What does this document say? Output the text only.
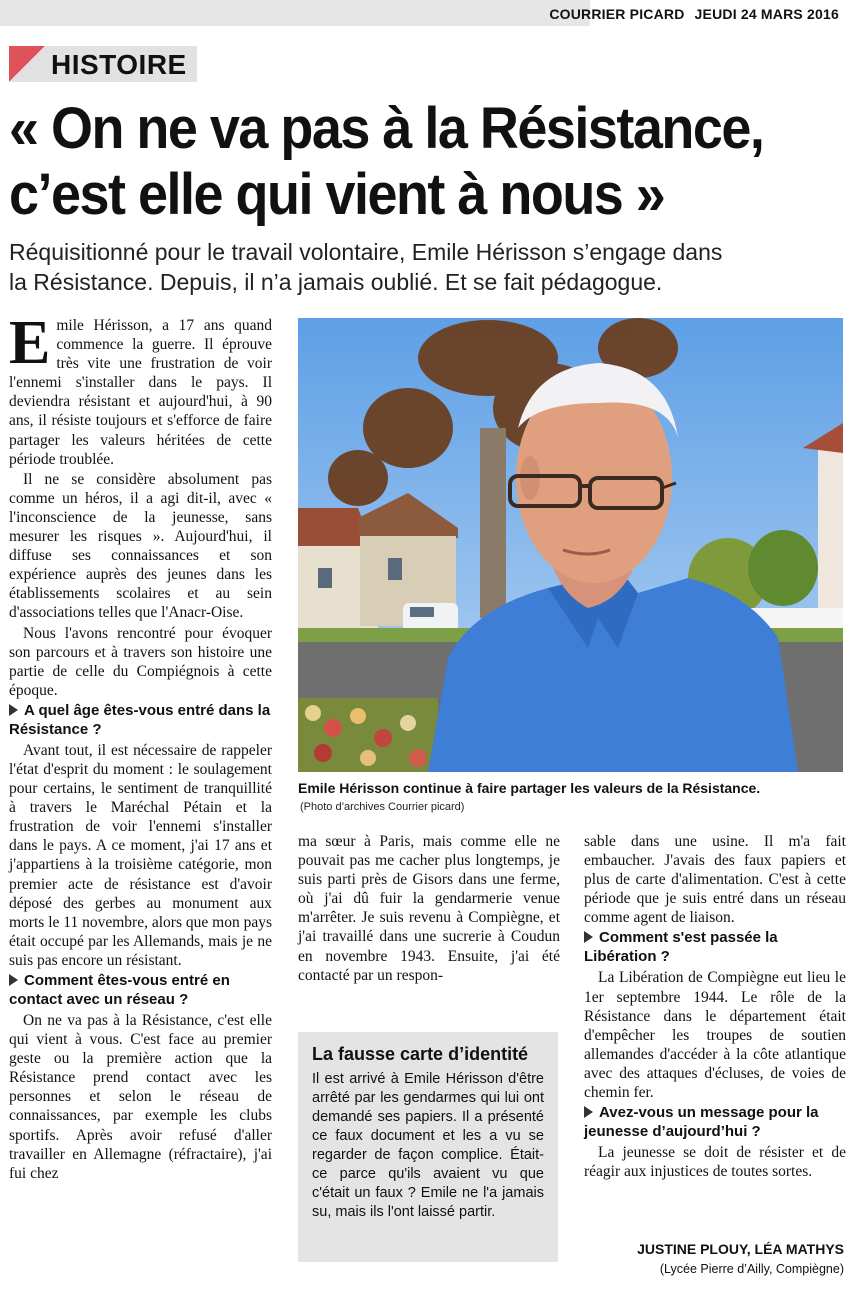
COURRIER PICARD JEUDI 24 MARS 2016
HISTOIRE
« On ne va pas à la Résistance,
c’est elle qui vient à nous »
Réquisitionné pour le travail volontaire, Emile Hérisson s’engage dans
la Résistance. Depuis, il n’a jamais oublié. Et se fait pédagogue.

Emile Hérisson, a 17 ans quand commence la guerre. Il éprouve très vite une frustration de voir l'ennemi s'installer dans le pays. Il deviendra résistant et aujourd'hui, à 90 ans, il résiste toujours et s'efforce de faire partager les valeurs héritées de cette période troublée.

Il ne se considère absolument pas comme un héros, il a agi dit-il, avec « l'inconscience de la jeunesse, sans mesurer les risques ». Aujourd'hui, il diffuse ses connaissances et son expérience auprès des jeunes dans les établissements scolaires et au sein d'associations telles que l'Anacr-Oise.

Nous l'avons rencontré pour évoquer son parcours et à travers son histoire une partie de celle du Compiégnois à cette époque.

A quel âge êtes-vous entré dans la Résistance ?

Avant tout, il est nécessaire de rappeler l'état d'esprit du moment : le soulagement pour certains, le sentiment de tranquillité à travers le Maréchal Pétain et la frustration de voir l'ennemi s'installer dans le pays. A ce moment, j'ai 17 ans et j'appartiens à la troisième catégorie, mon premier acte de résistance est d'avoir déposé des gerbes au monument aux morts le 11 novembre, alors que mon pays était occupé par les Allemands, mais je ne suis pas encore un résistant.

Comment êtes-vous entré en contact avec un réseau ?

On ne va pas à la Résistance, c'est elle qui vient à vous. C'est face au premier geste ou la première action que la Résistance prend contact avec les personnes et selon le réseau de connaissances, par exemple les clubs sportifs. Après avoir refusé d'aller travailler en Allemagne (réfractaire), j'ai fui chez

Emile Hérisson continue à faire partager les valeurs de la Résistance.
(Photo d’archives Courrier picard)

ma sœur à Paris, mais comme elle ne pouvait pas me cacher plus longtemps, je suis parti près de Gisors dans une ferme, où j'ai dû fuir la gendarmerie venue m'arrêter. Je suis revenu à Compiègne, et j'ai travaillé dans une sucrerie à Coudun en novembre 1943. Ensuite, j'ai été contacté par un respon-

La fausse carte d’identité
Il est arrivé à Emile Hérisson d'être arrêté par les gendarmes qui lui ont demandé ses papiers. Il a présenté ce faux document et les a vu se regarder de façon complice. Était-ce parce qu'ils avaient vu que c'était un faux ? Emile ne l'a jamais su, mais ils l'ont laissé partir.

sable dans une usine. Il m'a fait embaucher. J'avais des faux papiers et plus de carte d'alimentation. C'est à cette période que je suis entré dans un réseau comme agent de liaison.

Comment s'est passée la Libération ?

La Libération de Compiègne eut lieu le 1er septembre 1944. Le rôle de la Résistance dans le département était d'empêcher les troupes de soutien allemandes d'accéder à la côte atlantique avec des attaques d'écluses, de voies de chemin fer.

Avez-vous un message pour la jeunesse d’aujourd’hui ?

La jeunesse se doit de résister et de réagir aux injustices de toutes sortes.

JUSTINE PLOUY, LÉA MATHYS
(Lycée Pierre d’Ailly, Compiègne)
